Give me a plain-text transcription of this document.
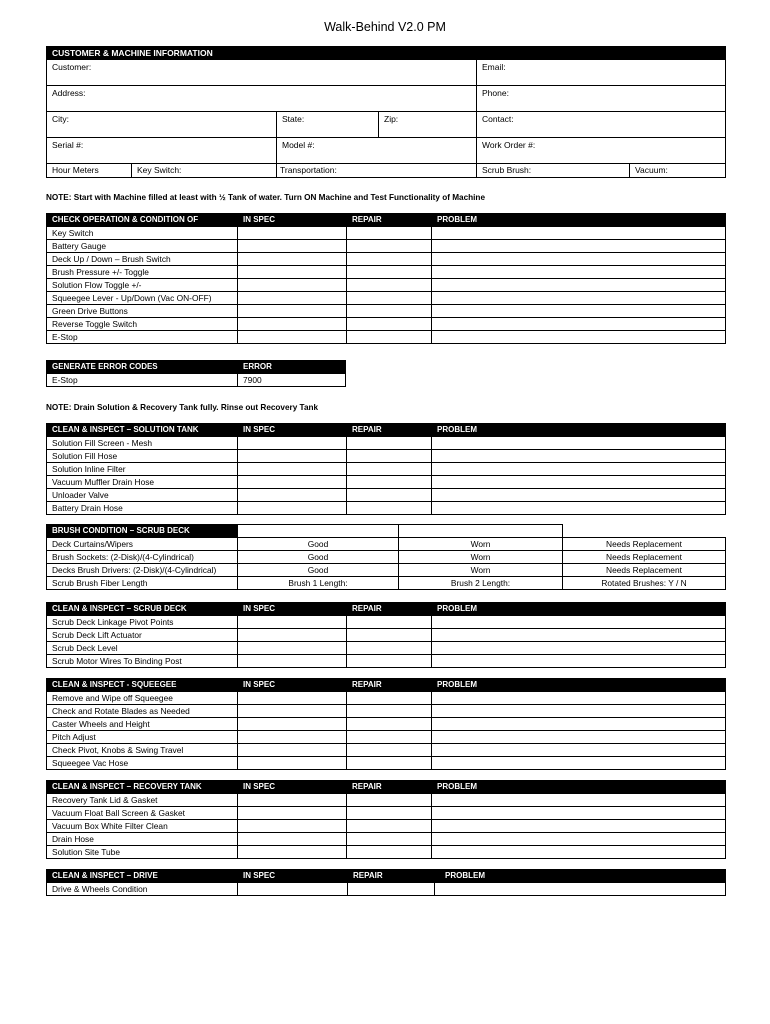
Walk-Behind V2.0 PM
CUSTOMER & MACHINE INFORMATION					
Customer:				Email:	
Address:				Phone:	
City:		State:	Zip:	Contact:	
Serial #:		Model #:		Work Order #:	
Hour Meters	Key Switch:	Transportation:		Scrub Brush:	Vacuum:
NOTE: Start with Machine filled at least with ½ Tank of water. Turn ON Machine and Test Functionality of Machine
CHECK OPERATION & CONDITION OF	IN SPEC	REPAIR	PROBLEM
Key Switch			
Battery Gauge			
Deck Up / Down – Brush Switch			
Brush Pressure +/- Toggle			
Solution Flow Toggle +/-			
Squeegee Lever - Up/Down (Vac ON-OFF)			
Green Drive Buttons			
Reverse Toggle Switch			
E-Stop			
GENERATE ERROR CODES	ERROR
E-Stop	7900
NOTE: Drain Solution & Recovery Tank fully. Rinse out Recovery Tank
CLEAN & INSPECT – SOLUTION TANK	IN SPEC	REPAIR	PROBLEM
Solution Fill Screen - Mesh			
Solution Fill Hose			
Solution Inline Filter			
Vacuum Muffler Drain Hose			
Unloader Valve			
Battery Drain Hose			
BRUSH CONDITION – SCRUB DECK			
Deck Curtains/Wipers	Good	Worn	Needs Replacement
Brush Sockets: (2-Disk)/(4-Cylindrical)	Good	Worn	Needs Replacement
Decks Brush Drivers: (2-Disk)/(4-Cylindrical)	Good	Worn	Needs Replacement
Scrub Brush Fiber Length	Brush 1 Length:	Brush 2 Length:	Rotated Brushes: Y / N
CLEAN & INSPECT – SCRUB DECK	IN SPEC	REPAIR	PROBLEM
Scrub Deck Linkage Pivot Points			
Scrub Deck Lift Actuator			
Scrub Deck Level			
Scrub Motor Wires To Binding Post			
CLEAN & INSPECT - SQUEEGEE	IN SPEC	REPAIR	PROBLEM
Remove and Wipe off Squeegee			
Check and Rotate Blades as Needed			
Caster Wheels and Height			
Pitch Adjust			
Check Pivot, Knobs & Swing Travel			
Squeegee Vac Hose			
CLEAN & INSPECT – RECOVERY TANK	IN SPEC	REPAIR	PROBLEM
Recovery Tank Lid & Gasket			
Vacuum Float Ball Screen & Gasket			
Vacuum Box White Filter Clean			
Drain Hose			
Solution Site Tube			
CLEAN & INSPECT – DRIVE	IN SPEC	REPAIR	PROBLEM
Drive & Wheels Condition			
